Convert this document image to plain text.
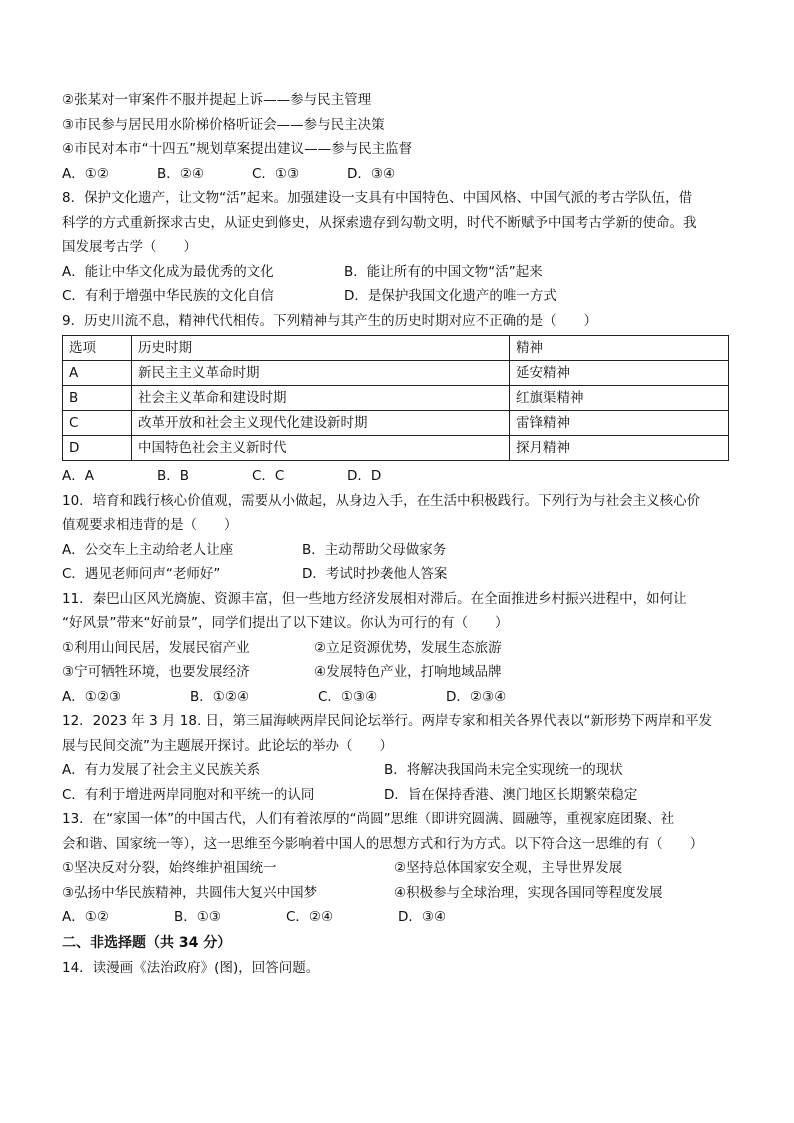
②张某对一审案件不服并提起上诉——参与民主管理
③市民参与居民用水阶梯价格听证会——参与民主决策
④市民对本市“十四五”规划草案提出建议——参与民主监督
A．①②	B．②④	C．①③	D．③④
8．保护文化遗产，让文物“活”起来。加强建设一支具有中国特色、中国风格、中国气派的考古学队伍，借
科学的方式重新探求古史，从证史到修史，从探索遗存到勾勒文明，时代不断赋予中国考古学新的使命。我
国发展考古学（　　）
A．能让中华文化成为最优秀的文化	B．能让所有的中国文物“活”起来
C．有利于增强中华民族的文化自信	D．是保护我国文化遗产的唯一方式
9．历史川流不息，精神代代相传。下列精神与其产生的历史时期对应不正确的是（　　）
选项	历史时期	精神
A	新民主主义革命时期	延安精神
B	社会主义革命和建设时期	红旗渠精神
C	改革开放和社会主义现代化建设新时期	雷锋精神
D	中国特色社会主义新时代	探月精神
A．A	B．B	C．C	D．D
10．培育和践行核心价值观，需要从小做起，从身边入手，在生活中积极践行。下列行为与社会主义核心价
值观要求相违背的是（　　）
A．公交车上主动给老人让座	B．主动帮助父母做家务
C．遇见老师问声“老师好”	D．考试时抄袭他人答案
11．秦巴山区风光旖旎、资源丰富，但一些地方经济发展相对滞后。在全面推进乡村振兴进程中，如何让
“好风景”带来“好前景”，同学们提出了以下建议。你认为可行的有（　　）
①利用山间民居，发展民宿产业	②立足资源优势，发展生态旅游
③宁可牺牲环境，也要发展经济	④发展特色产业，打响地域品牌
A．①②③	B．①②④	C．①③④	D．②③④
12．2023 年 3 月 18. 日，第三届海峡两岸民间论坛举行。两岸专家和相关各界代表以“新形势下两岸和平发
展与民间交流”为主题展开探讨。此论坛的举办（　　）
A．有力发展了社会主义民族关系	B．将解决我国尚未完全实现统一的现状
C．有利于增进两岸同胞对和平统一的认同	D．旨在保持香港、澳门地区长期繁荣稳定
13．在“家国一体”的中国古代，人们有着浓厚的“尚圆”思维（即讲究圆满、圆融等，重视家庭团聚、社
会和谐、国家统一等），这一思维至今影响着中国人的思想方式和行为方式。以下符合这一思维的有（　　）
①坚决反对分裂，始终维护祖国统一	②坚持总体国家安全观，主导世界发展
③弘扬中华民族精神，共圆伟大复兴中国梦	④积极参与全球治理，实现各国同等程度发展
A．①②	B．①③	C．②④	D．③④
二、非选择题（共 34 分）
14．读漫画《法治政府》(图)，回答问题。
